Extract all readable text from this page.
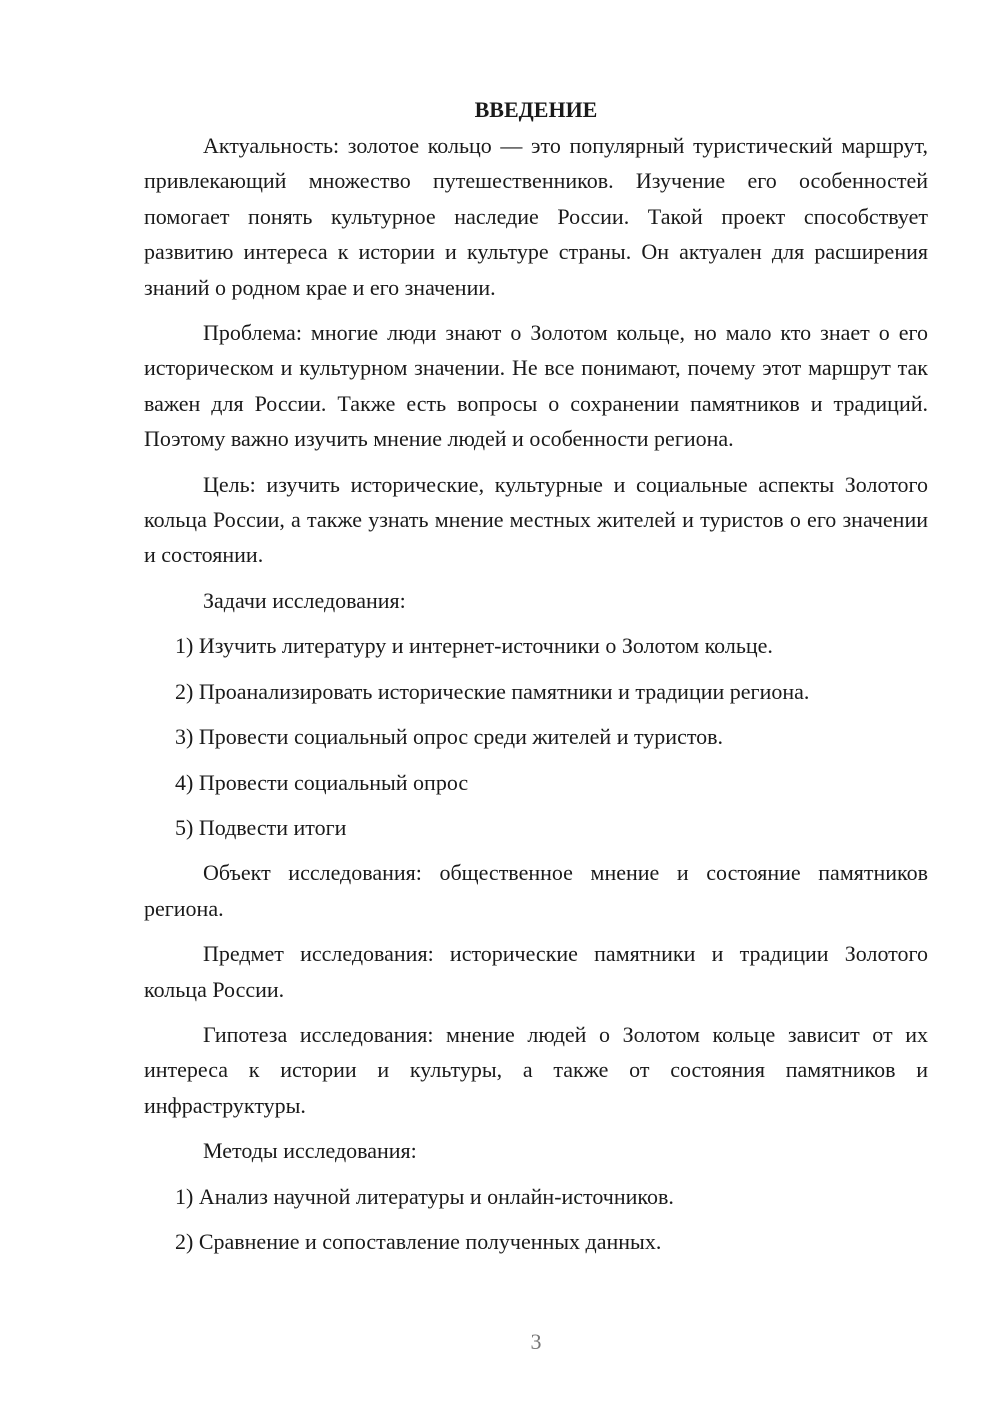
ВВЕДЕНИЕ

Актуальность: золотое кольцо — это популярный туристический маршрут, привлекающий множество путешественников. Изучение его особенностей помогает понять культурное наследие России. Такой проект способствует развитию интереса к истории и культуре страны. Он актуален для расширения знаний о родном крае и его значении.

Проблема: многие люди знают о Золотом кольце, но мало кто знает о его историческом и культурном значении. Не все понимают, почему этот маршрут так важен для России. Также есть вопросы о сохранении памятников и традиций. Поэтому важно изучить мнение людей и особенности региона.

Цель: изучить исторические, культурные и социальные аспекты Золотого кольца России, а также узнать мнение местных жителей и туристов о его значении и состоянии.

Задачи исследования:

1) Изучить литературу и интернет-источники о Золотом кольце.

2) Проанализировать исторические памятники и традиции региона.

3) Провести социальный опрос среди жителей и туристов.

4) Провести социальный опрос

5) Подвести итоги

Объект исследования: общественное мнение и состояние памятников региона.

Предмет исследования: исторические памятники и традиции Золотого кольца России.

Гипотеза исследования: мнение людей о Золотом кольце зависит от их интереса к истории и культуры, а также от состояния памятников и инфраструктуры.

Методы исследования:

1) Анализ научной литературы и онлайн-источников.

2) Сравнение и сопоставление полученных данных.

3
